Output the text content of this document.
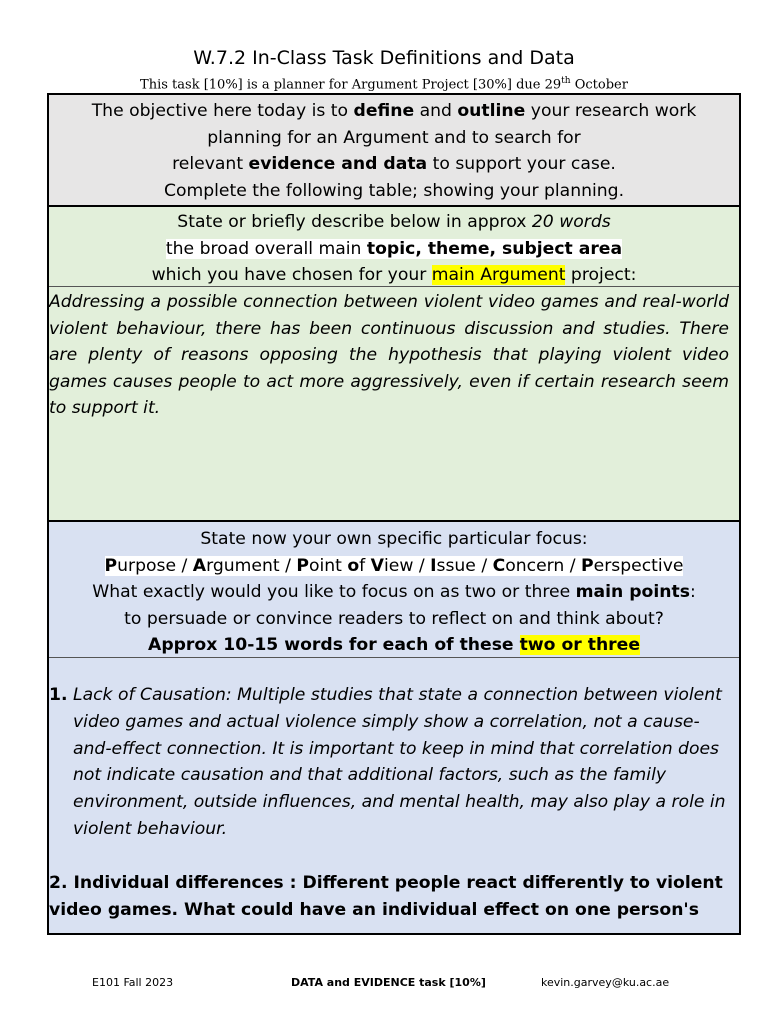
W.7.2 In-Class Task Definitions and Data
This task [10%] is a planner for Argument Project [30%] due 29th October

The objective here today is to define and outline your research work

planning for an Argument and to search for

relevant evidence and data to support your case.

Complete the following table; showing your planning.

State or briefly describe below in approx 20 words

the broad overall main topic, theme, subject area

which you have chosen for your main Argument project:

Addressing a possible connection between violent video games and real-world violent behaviour, there has been continuous discussion and studies. There are plenty of reasons opposing the hypothesis that playing violent video games causes people to act more aggressively, even if certain research seem to support it.

State now your own specific particular focus:

Purpose / Argument / Point of View / Issue / Concern / Perspective

What exactly would you like to focus on as two or three main points:

to persuade or convince readers to reflect on and think about?

Approx 10-15 words for each of these two or three

1. Lack of Causation: Multiple studies that state a connection between violent video games and actual violence simply show a correlation, not a cause-and-effect connection. It is important to keep in mind that correlation does not indicate causation and that additional factors, such as the family environment, outside influences, and mental health, may also play a role in violent behaviour.

2. Individual differences : Different people react differently to violent video games. What could have an individual effect on one person's

E101 Fall 2023	DATA and EVIDENCE task [10%]	kevin.garvey@ku.ac.ae
